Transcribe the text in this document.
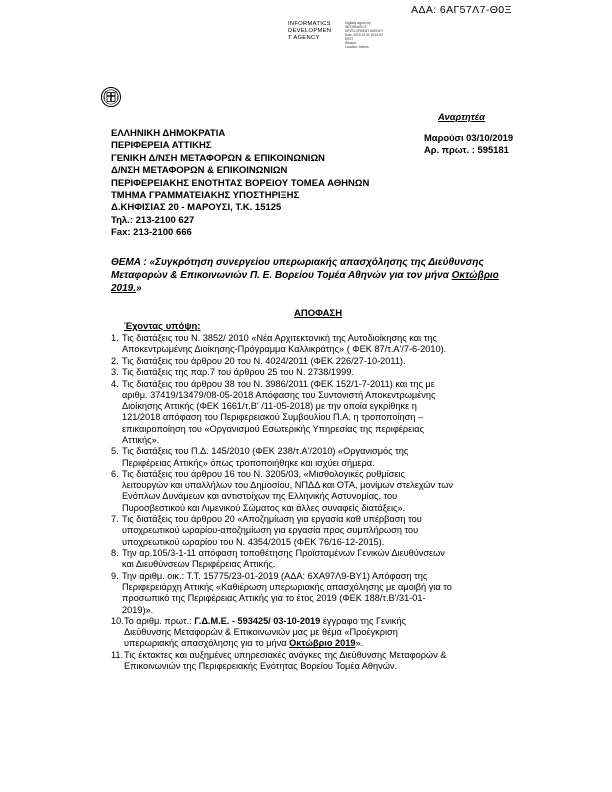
ΑΔΑ: 6ΑΓ57Λ7-Θ0Ξ
INFORMATICS
DEVELOPMEN
T AGENCY
Digitally signed by
INFORMATICS
DEVELOPMENT AGENCY
Date: 2019.10.03 15:14:52
EEST
Reason:
Location: Athens
Αναρτητέα
Μαρούσι 03/10/2019
Αρ. πρωτ. : 595181
ΕΛΛΗΝΙΚΗ ΔΗΜΟΚΡΑΤΙΑ
ΠΕΡΙΦΕΡΕΙΑ ΑΤΤΙΚΗΣ
ΓΕΝΙΚΗ Δ/ΝΣΗ ΜΕΤΑΦΟΡΩΝ & ΕΠΙΚΟΙΝΩΝΙΩΝ
Δ/ΝΣΗ ΜΕΤΑΦΟΡΩΝ & ΕΠΙΚΟΙΝΩΝΙΩΝ
ΠΕΡΙΦΕΡΕΙΑΚΗΣ ΕΝΟΤΗΤΑΣ ΒΟΡΕΙΟΥ ΤΟΜΕΑ ΑΘΗΝΩΝ
ΤΜΗΜΑ ΓΡΑΜΜΑΤΕΙΑΚΗΣ ΥΠΟΣΤΗΡΙΞΗΣ
Δ.ΚΗΦΙΣΙΑΣ 20 - ΜΑΡΟΥΣΙ, Τ.Κ. 15125
Τηλ.: 213-2100 627
Fax: 213-2100 666
ΘΕΜΑ : «Συγκρότηση συνεργείου υπερωριακής απασχόλησης της Διεύθυνσης Μεταφορών & Επικοινωνιών Π. Ε. Βορείου Τομέα Αθηνών για τον μήνα Οκτώβριο 2019.»
ΑΠΟΦΑΣΗ
Έχοντας υπόψη:
1. Τις διατάξεις του Ν. 3852/ 2010 «Νέα Αρχιτεκτονική της Αυτοδιοίκησης και της
Αποκεντρωμένης Διοίκησης-Πρόγραμμα Καλλικράτης» ( ΦΕΚ 87/τ.Α'/7-6-2010).
2. Τις διατάξεις του άρθρου 20 του Ν. 4024/2011 (ΦΕΚ 226/27-10-2011).
3. Τις διατάξεις της παρ.7 του άρθρου 25 του Ν. 2738/1999.
4. Τις διατάξεις του άρθρου 38 του Ν. 3986/2011 (ΦΕΚ 152/1-7-2011) και της με
αριθμ. 37419/13479/08-05-2018 Απόφασης του Συντονιστή Αποκεντρωμένης
Διοίκησης Αττικής (ΦΕΚ 1661/τ.Β' /11-05-2018) με την οποία εγκρίθηκε η
121/2018 απόφαση του Περιφερειακού Συμβουλίου Π.Α. η τροποποίηση –
επικαιροποίηση του «Οργανισμού Εσωτερικής Υπηρεσίας της περιφέρειας
Αττικής».
5. Τις διατάξεις του Π.Δ. 145/2010 (ΦΕΚ 238/τ.Α'/2010) «Οργανισμός της
Περιφέρειας Αττικής» όπως τροποποιήθηκε και ισχύει σήμερα.
6. Τις διατάξεις του άρθρου 16 του Ν. 3205/03, «Μισθολογικές ρυθμίσεις
λειτουργών και υπαλλήλων του Δημοσίου, ΝΠΔΔ και ΟΤΑ, μονίμων στελεχών των
Ενόπλων Δυνάμεων και αντιστοίχων της Ελληνικής Αστυνομίας, του
Πυροσβεστικού και Λιμενικού Σώματος και άλλες συναφείς διατάξεις».
7. Τις διατάξεις του άρθρου 20 «Αποζημίωση για εργασία καθ υπέρβαση του
υποχρεωτικού ωραρίου-αποζημίωση για εργασία προς συμπλήρωση του
υποχρεωτικού ωραρίου του Ν. 4354/2015 (ΦΕΚ 76/16-12-2015).
8. Την αρ.105/3-1-11 απόφαση τοποθέτησης Προϊσταμένων Γενικών Διευθύνσεων
και Διευθύνσεων Περιφέρειας Αττικής.
9. Την αριθμ. οικ.: Τ.Τ. 15775/23-01-2019 (ΑΔΑ: 6ΧΑ97Λ9-ΒΥ1) Απόφαση της
Περιφερειάρχη Αττικής «Καθιέρωση υπερωριακής απασχόλησης με αμοιβή για το
προσωπικό της Περιφέρειας Αττικής για το έτος 2019 (ΦΕΚ 188/τ.Β'/31-01-
2019)».
10. Το αριθμ. πρωτ.: Γ.Δ.Μ.Ε. - 593425/ 03-10-2019 έγγραφο της Γενικής
Διεύθυνσης Μεταφορών & Επικοινωνιών μας με θέμα «Προέγκριση
υπερωριακής απασχόλησης για το μήνα Οκτώβριο 2019».
11. Τις έκτακτες και αυξημένες υπηρεσιακές ανάγκες της Διεύθυνσης Μεταφορών &
Επικοινωνιών της Περιφερειακής Ενότητας Βορείου Τομέα Αθηνών.
